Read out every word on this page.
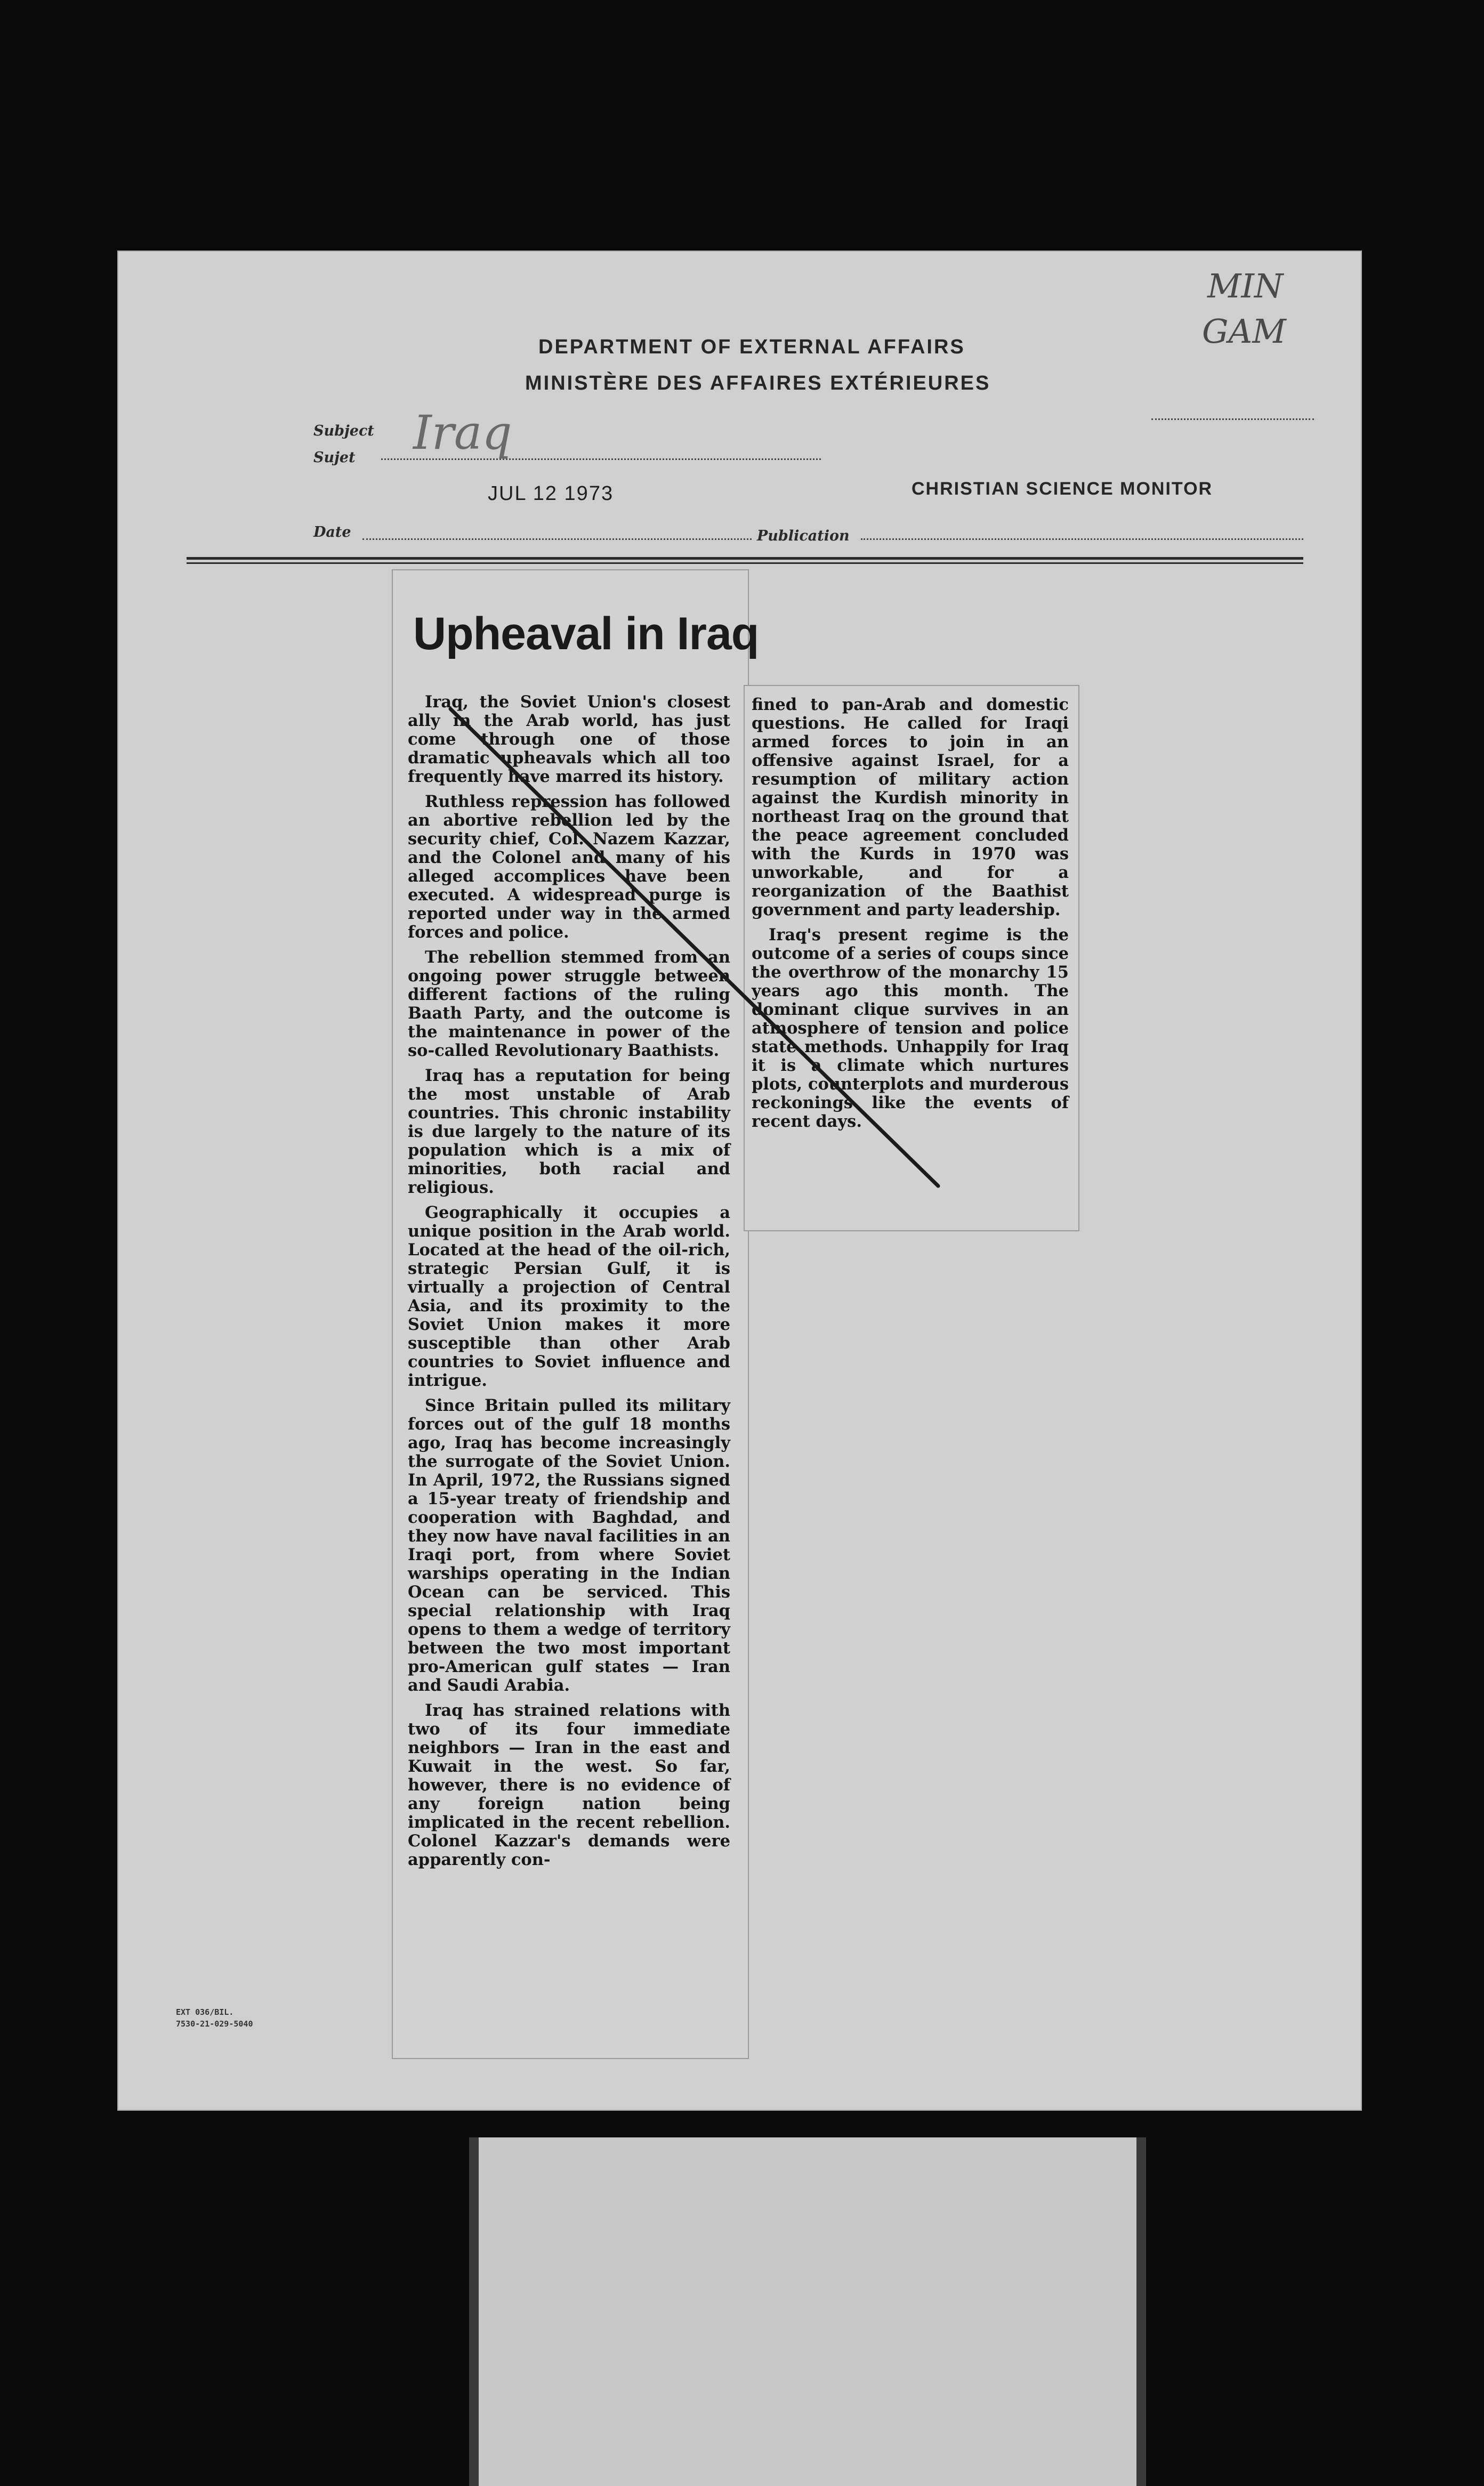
MIN
GAM
DEPARTMENT OF EXTERNAL AFFAIRS
MINISTÈRE DES AFFAIRES EXTÉRIEURES
Subject
Sujet Iraq
JUL 12 1973	CHRISTIAN SCIENCE MONITOR
Date	Publication
Upheaval in Iraq

Iraq, the Soviet Union's closest ally in the Arab world, has just come through one of those dramatic upheavals which all too frequently have marred its history.

Ruthless repression has followed an abortive rebellion led by the security chief, Col. Nazem Kazzar, and the Colonel and many of his alleged accomplices have been executed. A widespread purge is reported under way in the armed forces and police.

The rebellion stemmed from an ongoing power struggle between different factions of the ruling Baath Party, and the outcome is the maintenance in power of the so-called Revolutionary Baathists.

Iraq has a reputation for being the most unstable of Arab countries. This chronic instability is due largely to the nature of its population which is a mix of minorities, both racial and religious.

Geographically it occupies a unique position in the Arab world. Located at the head of the oil-rich, strategic Persian Gulf, it is virtually a projection of Central Asia, and its proximity to the Soviet Union makes it more susceptible than other Arab countries to Soviet influence and intrigue.

Since Britain pulled its military forces out of the gulf 18 months ago, Iraq has become increasingly the surrogate of the Soviet Union. In April, 1972, the Russians signed a 15-year treaty of friendship and cooperation with Baghdad, and they now have naval facilities in an Iraqi port, from where Soviet warships operating in the Indian Ocean can be serviced. This special relationship with Iraq opens to them a wedge of territory between the two most important pro-American gulf states — Iran and Saudi Arabia.

Iraq has strained relations with two of its four immediate neighbors — Iran in the east and Kuwait in the west. So far, however, there is no evidence of any foreign nation being implicated in the recent rebellion. Colonel Kazzar's demands were apparently con-

fined to pan-Arab and domestic questions. He called for Iraqi armed forces to join in an offensive against Israel, for a resumption of military action against the Kurdish minority in northeast Iraq on the ground that the peace agreement concluded with the Kurds in 1970 was unworkable, and for a reorganization of the Baathist government and party leadership.

Iraq's present regime is the outcome of a series of coups since the overthrow of the monarchy 15 years ago this month. The dominant clique survives in an atmosphere of tension and police state methods. Unhappily for Iraq it is a climate which nurtures plots, counterplots and murderous reckonings like the events of recent days.

EXT 036/BIL.
7530-21-029-5040
